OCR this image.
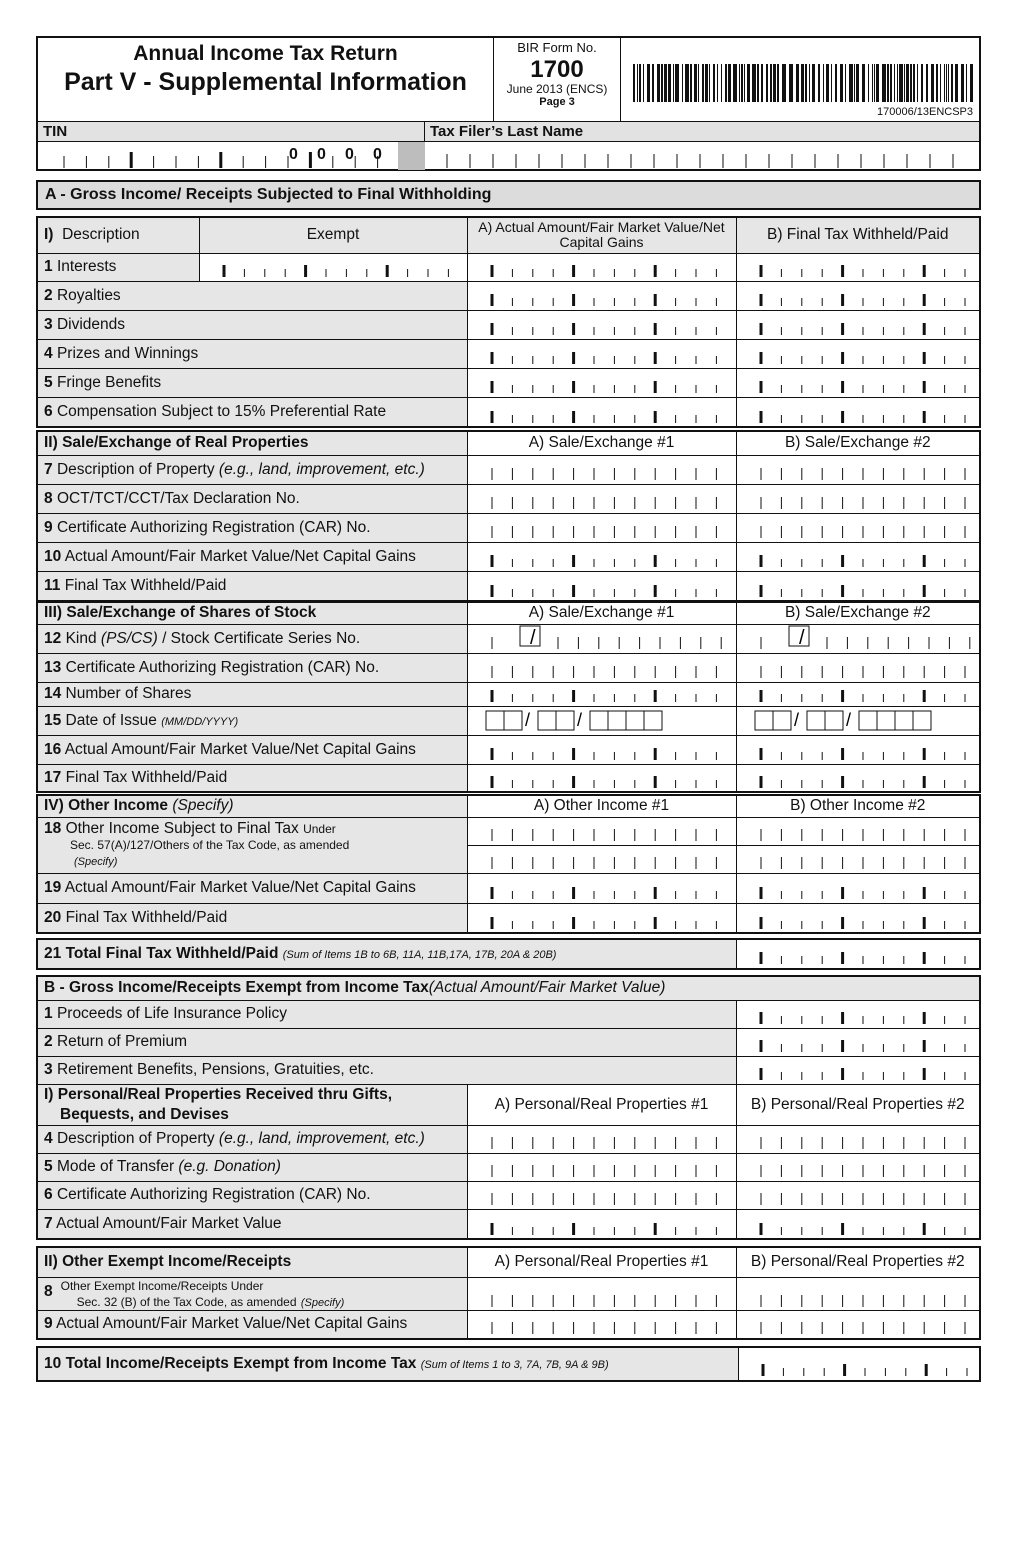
Annual Income Tax Return
Part V - Supplemental Information
BIR Form No.
1700
June 2013 (ENCS)
Page 3
170006/13ENCSP3
TIN	Tax Filer’s Last Name
0 0 0 0
A - Gross Income/ Receipts Subjected to Final Withholding
I) Description	Exempt	A) Actual Amount/Fair Market Value/Net Capital Gains	B) Final Tax Withheld/Paid
1 Interests	

2 Royalties	

3 Dividends	

4 Prizes and Winnings	

5 Fringe Benefits	

6 Compensation Subject to 15% Preferential Rate	

II) Sale/Exchange of Real Properties	A) Sale/Exchange #1	B) Sale/Exchange #2
7 Description of Property (e.g., land, improvement, etc.)	

8 OCT/TCT/CCT/Tax Declaration No.	

9 Certificate Authorizing Registration (CAR) No.	

10 Actual Amount/Fair Market Value/Net Capital Gains	

11 Final Tax Withheld/Paid	

III) Sale/Exchange of Shares of Stock	A) Sale/Exchange #1	B) Sale/Exchange #2
12 Kind (PS/CS) / Stock Certificate Series No.	/	/

13 Certificate Authorizing Registration (CAR) No.	

14 Number of Shares	

15 Date of Issue (MM/DD/YYYY)	/ /	/ /

16 Actual Amount/Fair Market Value/Net Capital Gains	

17 Final Tax Withheld/Paid	

IV) Other Income (Specify)	A) Other Income #1	B) Other Income #2
18 Other Income Subject to Final Tax Under
Sec. 57(A)/127/Others of the Tax Code, as amended
(Specify)	

19 Actual Amount/Fair Market Value/Net Capital Gains	

20 Final Tax Withheld/Paid	

21 Total Final Tax Withheld/Paid (Sum of Items 1B to 6B, 11A, 11B,17A, 17B, 20A & 20B)	
B - Gross Income/Receipts Exempt from Income Tax(Actual Amount/Fair Market Value)		
1 Proceeds of Life Insurance Policy	

2 Return of Premium	

3 Retirement Benefits, Pensions, Gratuities, etc.	

I) Personal/Real Properties Received thru Gifts,
Bequests, and Devises	A) Personal/Real Properties #1	B) Personal/Real Properties #2
4 Description of Property (e.g., land, improvement, etc.)	

5 Mode of Transfer (e.g. Donation)	

6 Certificate Authorizing Registration (CAR) No.	

7 Actual Amount/Fair Market Value	

II) Other Exempt Income/Receipts	A) Personal/Real Properties #1	B) Personal/Real Properties #2

8 Other Exempt Income/Receipts Under
Sec. 32 (B) of the Tax Code, as amended (Specify)	

9 Actual Amount/Fair Market Value/Net Capital Gains	

10 Total Income/Receipts Exempt from Income Tax (Sum of Items 1 to 3, 7A, 7B, 9A & 9B)	
